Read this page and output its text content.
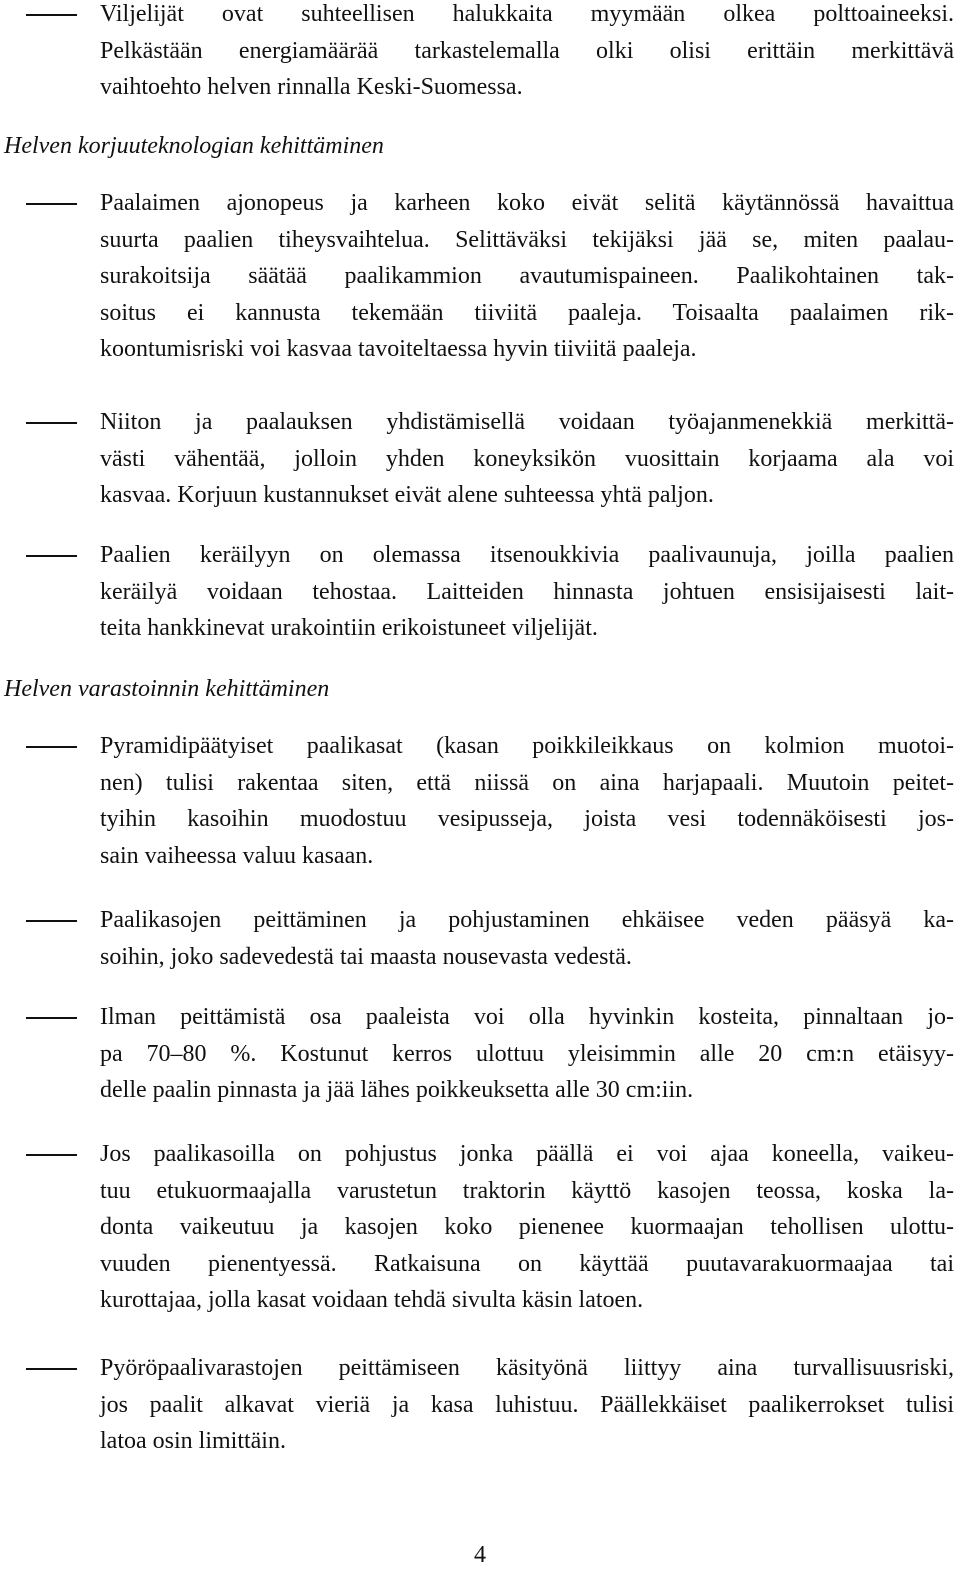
Viljelijät ovat suhteellisen halukkaita myymään olkea polttoaineeksi.
Pelkästään energiamäärää tarkastelemalla olki olisi erittäin merkittävä
vaihtoehto helven rinnalla Keski-Suomessa.
Helven korjuuteknologian kehittäminen
Paalaimen ajonopeus ja karheen koko eivät selitä käytännössä havaittua
suurta paalien tiheysvaihtelua. Selittäväksi tekijäksi jää se, miten paalau-
surakoitsija säätää paalikammion avautumispaineen. Paalikohtainen tak-
soitus ei kannusta tekemään tiiviitä paaleja. Toisaalta paalaimen rik-
koontumisriski voi kasvaa tavoiteltaessa hyvin tiiviitä paaleja.
Niiton ja paalauksen yhdistämisellä voidaan työajanmenekkiä merkittä-
västi vähentää, jolloin yhden koneyksikön vuosittain korjaama ala voi
kasvaa. Korjuun kustannukset eivät alene suhteessa yhtä paljon.
Paalien keräilyyn on olemassa itsenoukkivia paalivaunuja, joilla paalien
keräilyä voidaan tehostaa. Laitteiden hinnasta johtuen ensisijaisesti lait-
teita hankkinevat urakointiin erikoistuneet viljelijät.
Helven varastoinnin kehittäminen
Pyramidipäätyiset paalikasat (kasan poikkileikkaus on kolmion muotoi-
nen) tulisi rakentaa siten, että niissä on aina harjapaali. Muutoin peitet-
tyihin kasoihin muodostuu vesipusseja, joista vesi todennäköisesti jos-
sain vaiheessa valuu kasaan.
Paalikasojen peittäminen ja pohjustaminen ehkäisee veden pääsyä ka-
soihin, joko sadevedestä tai maasta nousevasta vedestä.
Ilman peittämistä osa paaleista voi olla hyvinkin kosteita, pinnaltaan jo-
pa 70–80 %. Kostunut kerros ulottuu yleisimmin alle 20 cm:n etäisyy-
delle paalin pinnasta ja jää lähes poikkeuksetta alle 30 cm:iin.
Jos paalikasoilla on pohjustus jonka päällä ei voi ajaa koneella, vaikeu-
tuu etukuormaajalla varustetun traktorin käyttö kasojen teossa, koska la-
donta vaikeutuu ja kasojen koko pienenee kuormaajan tehollisen ulottu-
vuuden pienentyessä. Ratkaisuna on käyttää puutavarakuormaajaa tai
kurottajaa, jolla kasat voidaan tehdä sivulta käsin latoen.
Pyöröpaalivarastojen peittämiseen käsityönä liittyy aina turvallisuusriski,
jos paalit alkavat vieriä ja kasa luhistuu. Päällekkäiset paalikerrokset tulisi
latoa osin limittäin.
4
